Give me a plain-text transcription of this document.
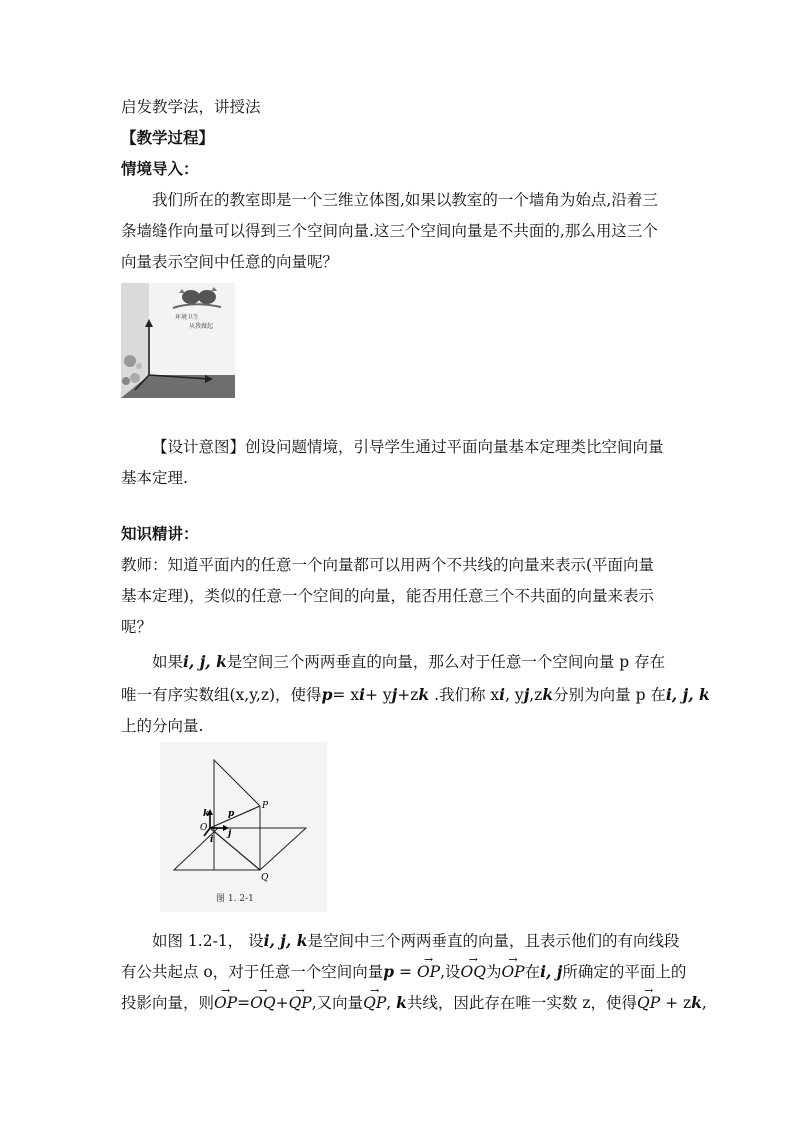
启发教学法，讲授法
【教学过程】
情境导入：
我们所在的教室即是一个三维立体图,如果以教室的一个墙角为始点,沿着三
条墙缝作向量可以得到三个空间向量.这三个空间向量是不共面的,那么用这三个
向量表示空间中任意的向量呢？
环境卫生
从我做起
【设计意图】创设问题情境，引导学生通过平面向量基本定理类比空间向量
基本定理.
知识精讲：
教师：知道平面内的任意一个向量都可以用两个不共线的向量来表示(平面向量
基本定理)，类似的任意一个空间的向量，能否用任意三个不共面的向量来表示
呢？
如果i, j, k是空间三个两两垂直的向量，那么对于任意一个空间向量 p 存在
唯一有序实数组(x,y,z)，使得p= xi+ yj+zk .我们称 xi, yj,zk分别为向量 p 在i, j, k
上的分向量.
P
Q
O
p
k
i
j
图 1. 2-1
如图 1.2-1， 设i, j, k是空间中三个两两垂直的向量，且表示他们的有向线段
有公共起点 o，对于任意一个空间向量p = → OP,设→ OQ为→ OP在i, j所确定的平面上的
投影向量，则→ OP=→ OQ+→ QP,又向量→ QP, k共线，因此存在唯一实数 z，使得→ QP + zk,
